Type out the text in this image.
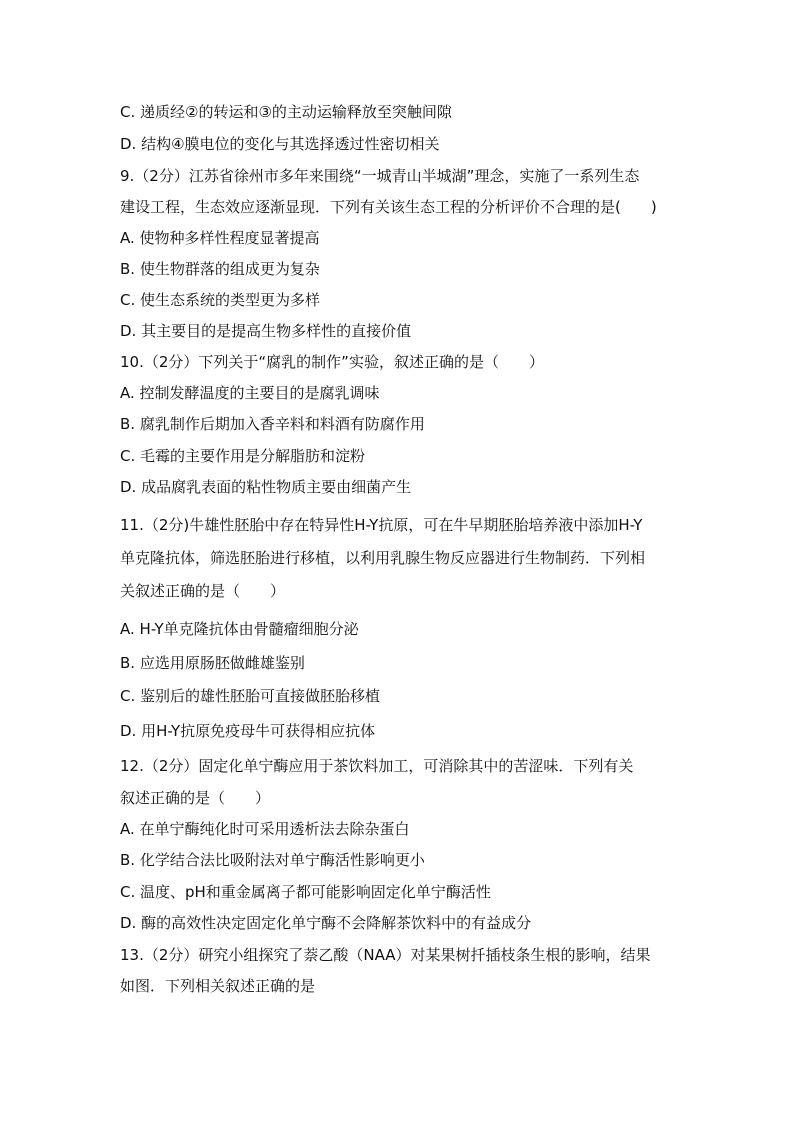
C. 递质经②的转运和③的主动运输释放至突触间隙
D. 结构④膜电位的变化与其选择透过性密切相关
9.（2分）江苏省徐州市多年来围绕“一城青山半城湖”理念，实施了一系列生态
建设工程，生态效应逐渐显现．下列有关该生态工程的分析评价不合理的是(　　)
A. 使物种多样性程度显著提高
B. 使生物群落的组成更为复杂
C. 使生态系统的类型更为多样
D. 其主要目的是提高生物多样性的直接价值
10.（2分）下列关于“腐乳的制作”实验，叙述正确的是（　　）
A. 控制发酵温度的主要目的是腐乳调味
B. 腐乳制作后期加入香辛料和料酒有防腐作用
C. 毛霉的主要作用是分解脂肪和淀粉
D. 成品腐乳表面的粘性物质主要由细菌产生
11.（2分)牛雄性胚胎中存在特异性H-Y抗原，可在牛早期胚胎培养液中添加H-Y
单克隆抗体，筛选胚胎进行移植，以利用乳腺生物反应器进行生物制药．下列相
关叙述正确的是（　　）
A. H-Y单克隆抗体由骨髓瘤细胞分泌
B. 应选用原肠胚做雌雄鉴别
C. 鉴别后的雄性胚胎可直接做胚胎移植
D. 用H-Y抗原免疫母牛可获得相应抗体
12.（2分）固定化单宁酶应用于茶饮料加工，可消除其中的苦涩味．下列有关
叙述正确的是（　　）
A. 在单宁酶纯化时可采用透析法去除杂蛋白
B. 化学结合法比吸附法对单宁酶活性影响更小
C. 温度、pH和重金属离子都可能影响固定化单宁酶活性
D. 酶的高效性决定固定化单宁酶不会降解茶饮料中的有益成分
13.（2分）研究小组探究了萘乙酸（NAA）对某果树扦插枝条生根的影响，结果
如图．下列相关叙述正确的是
